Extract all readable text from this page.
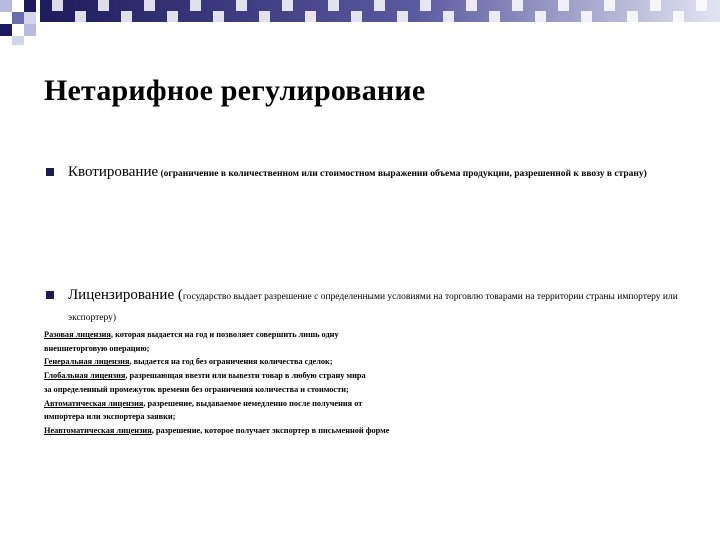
Нетарифное регулирование
Квотирование (ограничение в количественном или стоимостном выражении объема продукции, разрешенной к ввозу в страну)
Лицензирование (государство выдает разрешение с определенными условиями на торговлю товарами на территории страны импортеру или экспортеру)
Разовая лицензия, которая выдается на год и позволяет совершить лишь одну
внешнеторговую операцию;
Генеральная лицензия, выдается на год без ограничения количества сделок;
Глобальная лицензия, разрешающая ввезти или вывезти товар в любую страну мира
за определенный промежуток времени без ограничения количества и стоимости;
Автоматическая лицензия, разрешение, выдаваемое немедленно после получения от
импортера или экспортера заявки;
Неавтоматическая лицензия, разрешение, которое получает экспортер в письменной форме
